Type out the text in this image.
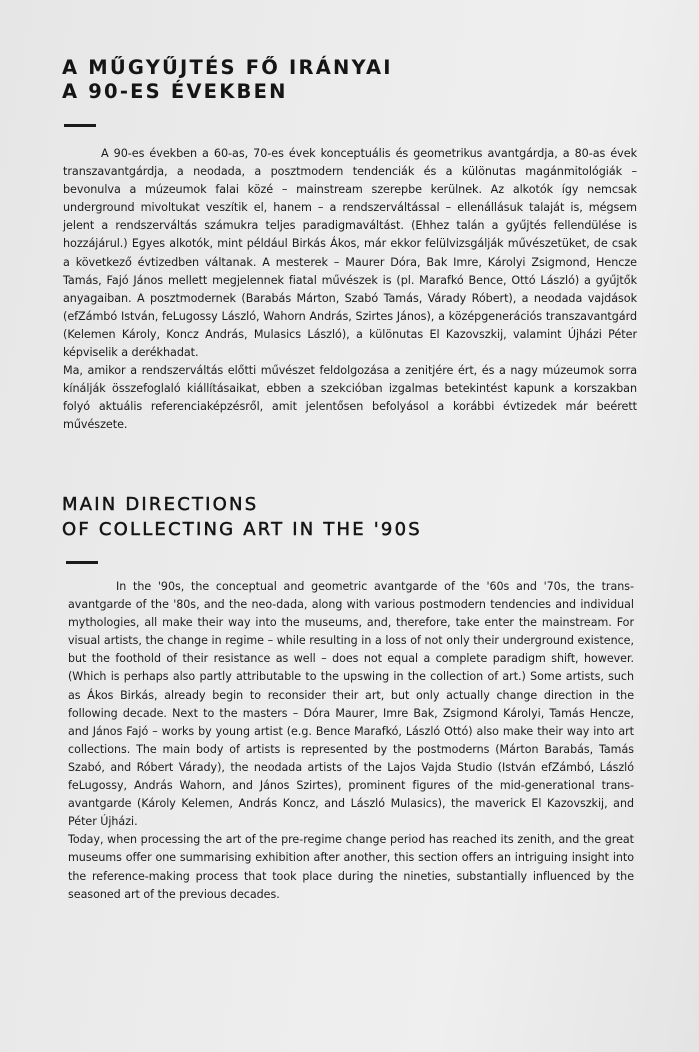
A MŰGYŰJTÉS FŐ IRÁNYAI
A 90-ES ÉVEKBEN

A 90-es években a 60-as, 70-es évek konceptuális és geometrikus avantgárdja, a 80-as évek transzavantgárdja, a neodada, a posztmodern tendenciák és a különutas magánmitológiák – bevonulva a múzeumok falai közé – mainstream szerepbe kerülnek. Az alkotók így nemcsak underground mivoltukat veszítik el, hanem – a rendszerváltással – ellenállásuk talaját is, mégsem jelent a rendszerváltás számukra teljes paradigmaváltást. (Ehhez talán a gyűjtés fellendülése is hozzájárul.) Egyes alkotók, mint például Birkás Ákos, már ekkor felülvizsgálják művészetüket, de csak a következő évtizedben váltanak. A mesterek – Maurer Dóra, Bak Imre, Károlyi Zsigmond, Hencze Tamás, Fajó János mellett megjelennek fiatal művészek is (pl. Marafkó Bence, Ottó László) a gyűjtők anyagaiban. A posztmodernek (Barabás Márton, Szabó Tamás, Várady Róbert), a neodada vajdások (efZámbó István, feLugossy László, Wahorn András, Szirtes János), a középgenerációs transzavantgárd (Kelemen Károly, Koncz András, Mulasics László), a különutas El Kazovszkij, valamint Újházi Péter képviselik a derékhadat.

Ma, amikor a rendszerváltás előtti művészet feldolgozása a zenitjére ért, és a nagy múzeumok sorra kínálják összefoglaló kiállításaikat, ebben a szekcióban izgalmas betekintést kapunk a korszakban folyó aktuális referenciaképzésről, amit jelentősen befolyásol a korábbi évtizedek már beérett művészete.

MAIN DIRECTIONS
OF COLLECTING ART IN THE '90S

In the '90s, the conceptual and geometric avantgarde of the '60s and '70s, the trans-avantgarde of the '80s, and the neo-dada, along with various postmodern tendencies and individual mythologies, all make their way into the museums, and, therefore, take enter the mainstream. For visual artists, the change in regime – while resulting in a loss of not only their underground existence, but the foothold of their resistance as well – does not equal a complete paradigm shift, however. (Which is perhaps also partly attributable to the upswing in the collection of art.) Some artists, such as Ákos Birkás, already begin to reconsider their art, but only actually change direction in the following decade. Next to the masters – Dóra Maurer, Imre Bak, Zsigmond Károlyi, Tamás Hencze, and János Fajó – works by young artist (e.g. Bence Marafkó, László Ottó) also make their way into art collections. The main body of artists is represented by the postmoderns (Márton Barabás, Tamás Szabó, and Róbert Várady), the neodada artists of the Lajos Vajda Studio (István efZámbó, László feLugossy, András Wahorn, and János Szirtes), prominent figures of the mid-generational trans-avantgarde (Károly Kelemen, András Koncz, and László Mulasics), the maverick El Kazovszkij, and Péter Újházi.

Today, when processing the art of the pre-regime change period has reached its zenith, and the great museums offer one summarising exhibition after another, this section offers an intriguing insight into the reference-making process that took place during the nineties, substantially influenced by the seasoned art of the previous decades.
